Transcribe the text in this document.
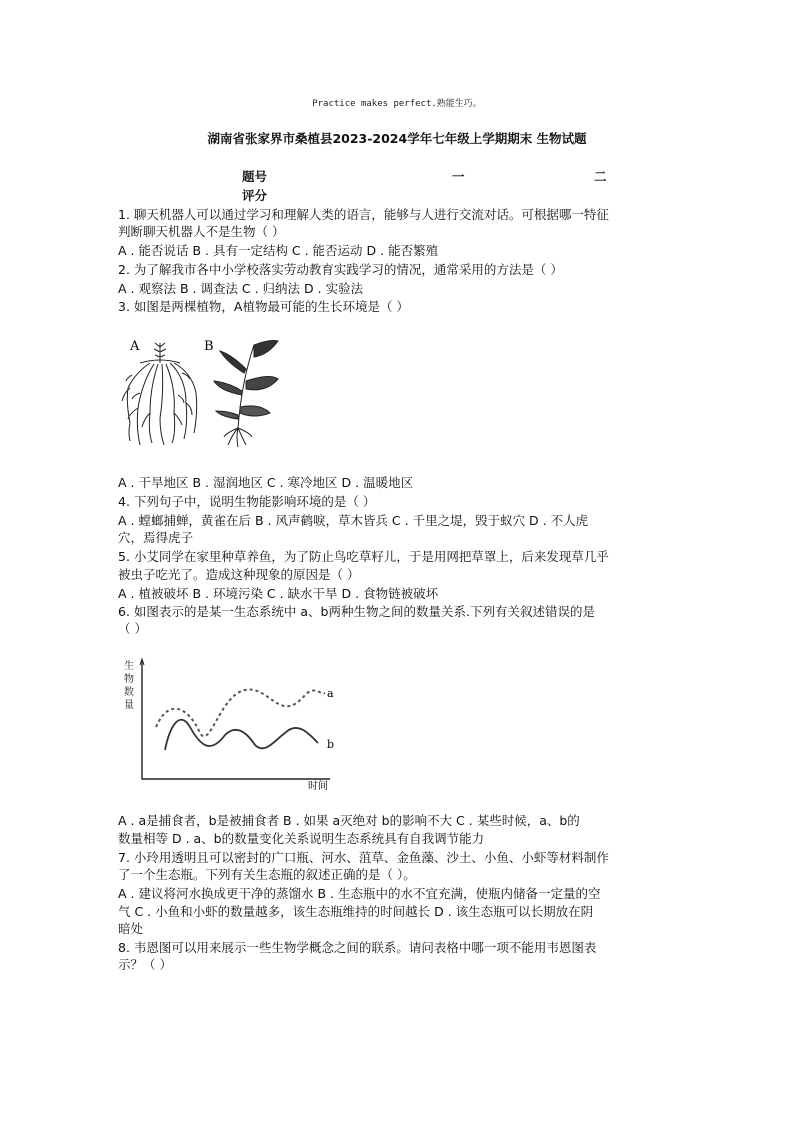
Practice makes perfect.熟能生巧。
湖南省张家界市桑植县2023-2024学年七年级上学期期末 生物试题
题号	一	二
评分
1. 聊天机器人可以通过学习和理解人类的语言，能够与人进行交流对话。可根据哪一特征
判断聊天机器人不是生物（ ）
A . 能否说话 B . 具有一定结构 C . 能否运动 D . 能否繁殖
2. 为了解我市各中小学校落实劳动教育实践学习的情况，通常采用的方法是（ ）
A . 观察法 B . 调查法 C . 归纳法 D . 实验法
3. 如图是两棵植物，A植物最可能的生长环境是（ ）
A	B
A . 干旱地区 B . 湿润地区 C . 寒冷地区 D . 温暖地区
4. 下列句子中，说明生物能影响环境的是（ ）
A . 螳螂捕蝉，黄雀在后 B . 风声鹤唳，草木皆兵 C . 千里之堤，毁于蚁穴 D . 不人虎
穴，焉得虎子
5. 小艾同学在家里种草养鱼，为了防止鸟吃草籽儿，于是用网把草罩上，后来发现草几乎
被虫子吃光了。造成这种现象的原因是（ ）
A . 植被破坏 B . 环境污染 C . 缺水干旱 D . 食物链被破坏
6. 如图表示的是某一生态系统中 a、b两种生物之间的数量关系.下列有关叙述错误的是
（ ）
生
物
数
量
a
b
时间
A . a是捕食者，b是被捕食者 B . 如果 a灭绝对 b的影响不大 C . 某些时候，a、b的
数量相等 D . a、b的数量变化关系说明生态系统具有自我调节能力
7. 小玲用透明且可以密封的广口瓶、河水、菹草、金鱼藻、沙土、小鱼、小虾等材料制作
了一个生态瓶。下列有关生态瓶的叙述正确的是（ ）。
A . 建议将河水换成更干净的蒸馏水 B . 生态瓶中的水不宜充满，使瓶内储备一定量的空
气 C . 小鱼和小虾的数量越多，该生态瓶维持的时间越长 D . 该生态瓶可以长期放在阴
暗处
8. 韦恩图可以用来展示一些生物学概念之间的联系。请问表格中哪一项不能用韦恩图表
示？（ ）
